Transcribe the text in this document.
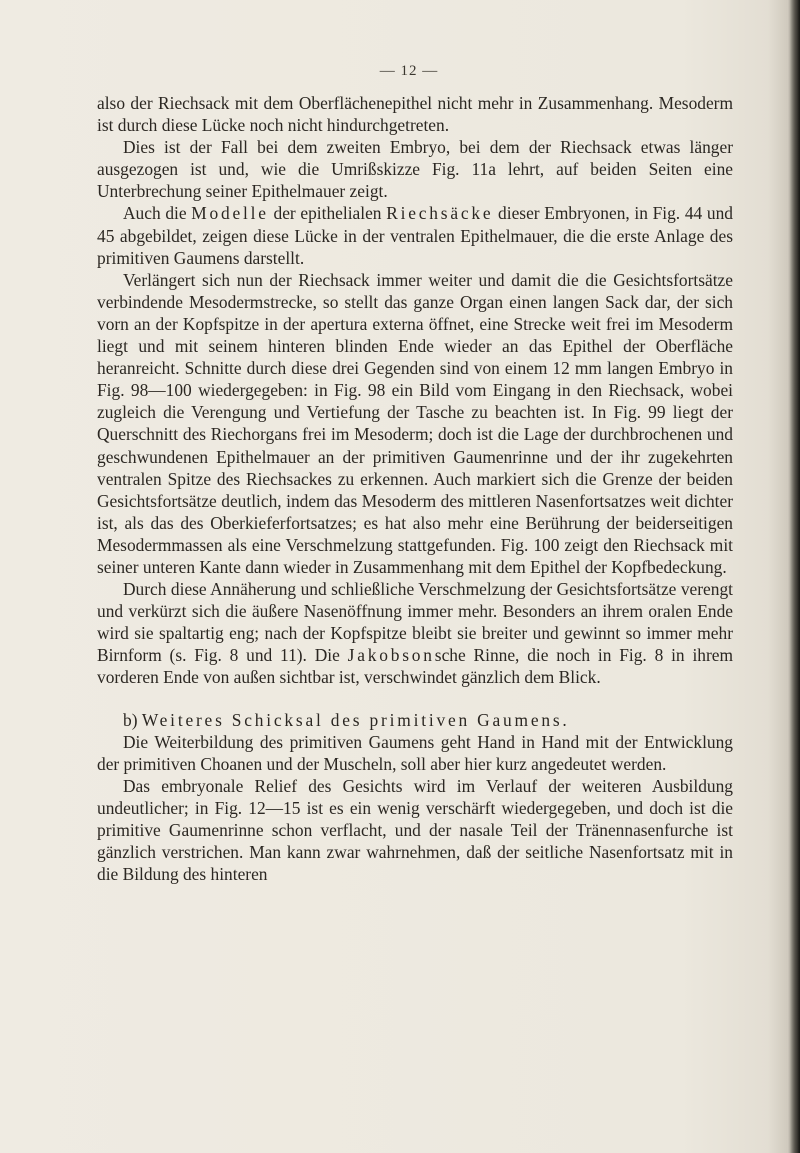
— 12 —

also der Riechsack mit dem Oberflächenepithel nicht mehr in Zusammenhang. Mesoderm ist durch diese Lücke noch nicht hindurchgetreten.

Dies ist der Fall bei dem zweiten Embryo, bei dem der Riechsack etwas länger ausgezogen ist und, wie die Umrißskizze Fig. 11a lehrt, auf beiden Seiten eine Unterbrechung seiner Epithelmauer zeigt.

Auch die Modelle der epithelialen Riechsäcke dieser Embryonen, in Fig. 44 und 45 abgebildet, zeigen diese Lücke in der ventralen Epithelmauer, die die erste Anlage des primitiven Gaumens darstellt.

Verlängert sich nun der Riechsack immer weiter und damit die die Gesichtsfortsätze verbindende Mesodermstrecke, so stellt das ganze Organ einen langen Sack dar, der sich vorn an der Kopfspitze in der apertura externa öffnet, eine Strecke weit frei im Mesoderm liegt und mit seinem hinteren blinden Ende wieder an das Epithel der Oberfläche heranreicht. Schnitte durch diese drei Gegenden sind von einem 12 mm langen Embryo in Fig. 98—100 wiedergegeben: in Fig. 98 ein Bild vom Eingang in den Riechsack, wobei zugleich die Verengung und Vertiefung der Tasche zu beachten ist. In Fig. 99 liegt der Querschnitt des Riechorgans frei im Mesoderm; doch ist die Lage der durchbrochenen und geschwundenen Epithelmauer an der primitiven Gaumenrinne und der ihr zugekehrten ventralen Spitze des Riechsackes zu erkennen. Auch markiert sich die Grenze der beiden Gesichtsfortsätze deutlich, indem das Mesoderm des mittleren Nasenfortsatzes weit dichter ist, als das des Oberkieferfortsatzes; es hat also mehr eine Berührung der beiderseitigen Mesodermmassen als eine Verschmelzung stattgefunden. Fig. 100 zeigt den Riechsack mit seiner unteren Kante dann wieder in Zusammenhang mit dem Epithel der Kopfbedeckung.

Durch diese Annäherung und schließliche Verschmelzung der Gesichtsfortsätze verengt und verkürzt sich die äußere Nasenöffnung immer mehr. Besonders an ihrem oralen Ende wird sie spaltartig eng; nach der Kopfspitze bleibt sie breiter und gewinnt so immer mehr Birnform (s. Fig. 8 und 11). Die Jakobsonsche Rinne, die noch in Fig. 8 in ihrem vorderen Ende von außen sichtbar ist, verschwindet gänzlich dem Blick.

b) Weiteres Schicksal des primitiven Gaumens.

Die Weiterbildung des primitiven Gaumens geht Hand in Hand mit der Entwicklung der primitiven Choanen und der Muscheln, soll aber hier kurz angedeutet werden.

Das embryonale Relief des Gesichts wird im Verlauf der weiteren Ausbildung undeutlicher; in Fig. 12—15 ist es ein wenig verschärft wiedergegeben, und doch ist die primitive Gaumenrinne schon verflacht, und der nasale Teil der Tränennasenfurche ist gänzlich verstrichen. Man kann zwar wahrnehmen, daß der seitliche Nasenfortsatz mit in die Bildung des hinteren
